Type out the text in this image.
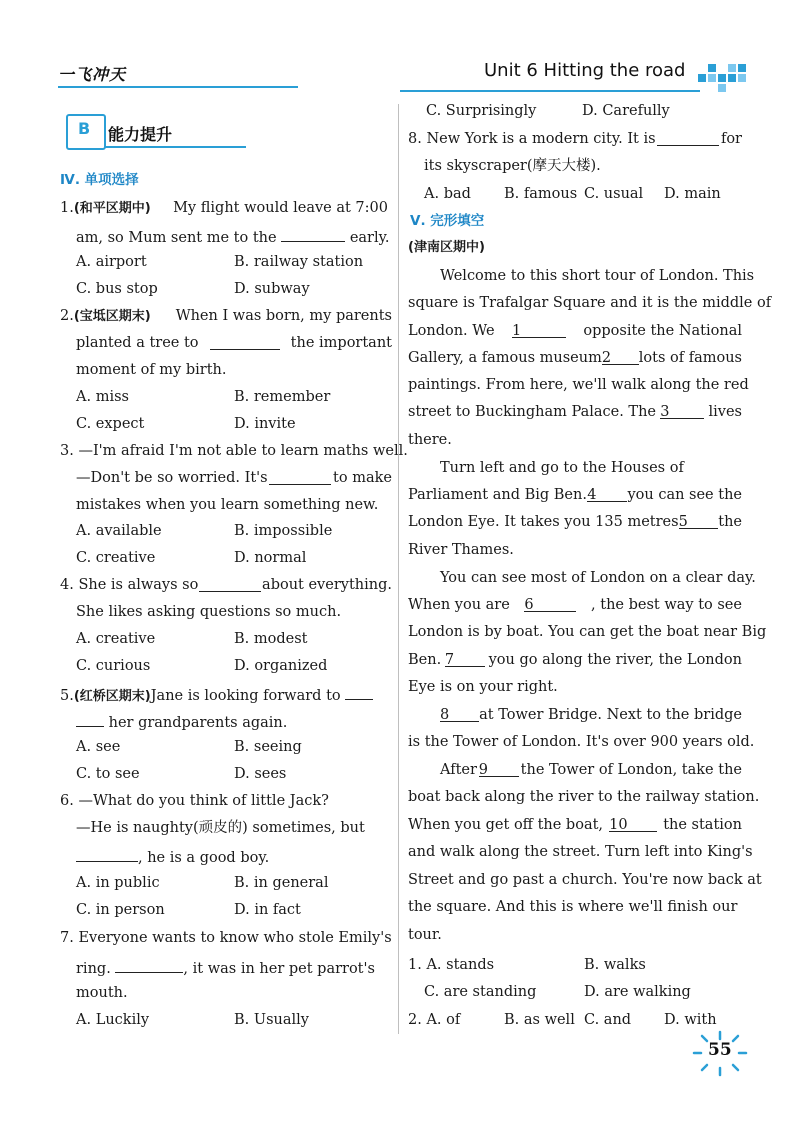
一飞冲天	Unit 6 Hitting the road
B 能力提升
Ⅳ. 单项选择
1.(和平区期中) My flight would leave at 7:00
am, so Mum sent me to the	early.
A. airport	B. railway station
C. bus stop	D. subway
2.(宝坻区期末) When I was born, my parents
planted a tree to	the important
moment of my birth.
A. miss	B. remember
C. expect	D. invite
3. —I'm afraid I'm not able to learn maths well.
—Don't be so worried. It's	to make
mistakes when you learn something new.
A. available	B. impossible
C. creative	D. normal
4. She is always so	about everything.
She likes asking questions so much.
A. creative	B. modest
C. curious	D. organized
5.(红桥区期末)Jane is looking forward to
her grandparents again.
A. see	B. seeing
C. to see	D. sees
6. —What do you think of little Jack?
—He is naughty(顽皮的) sometimes, but
, he is a good boy.
A. in public	B. in general
C. in person	D. in fact
7. Everyone wants to know who stole Emily's
ring.	, it was in her pet parrot's
mouth.
A. Luckily	B. Usually
C. Surprisingly	D. Carefully
8. New York is a modern city. It is	for
its skyscraper(摩天大楼).
A. bad B. famous C. usual D. main
Ⅴ. 完形填空
(津南区期中)
Welcome to this short tour of London. This
square is Trafalgar Square and it is the middle of
London. We 1	opposite the National
Gallery, a famous museum 2	lots of famous
paintings. From here, we'll walk along the red
street to Buckingham Palace. The 3	lives
there.
Turn left and go to the Houses of
Parliament and Big Ben. 4	you can see the
London Eye. It takes you 135 metres 5	the
River Thames.
You can see most of London on a clear day.
When you are 6	, the best way to see
London is by boat. You can get the boat near Big
Ben. 7	you go along the river, the London
Eye is on your right.
8	at Tower Bridge. Next to the bridge
is the Tower of London. It's over 900 years old.
After 9	the Tower of London, take the
boat back along the river to the railway station.
When you get off the boat, 10	the station
and walk along the street. Turn left into King's
Street and go past a church. You're now back at
the square. And this is where we'll finish our
tour.
1. A. stands	B. walks
C. are standing	D. are walking
2. A. of	B. as well C. and D. with
55
